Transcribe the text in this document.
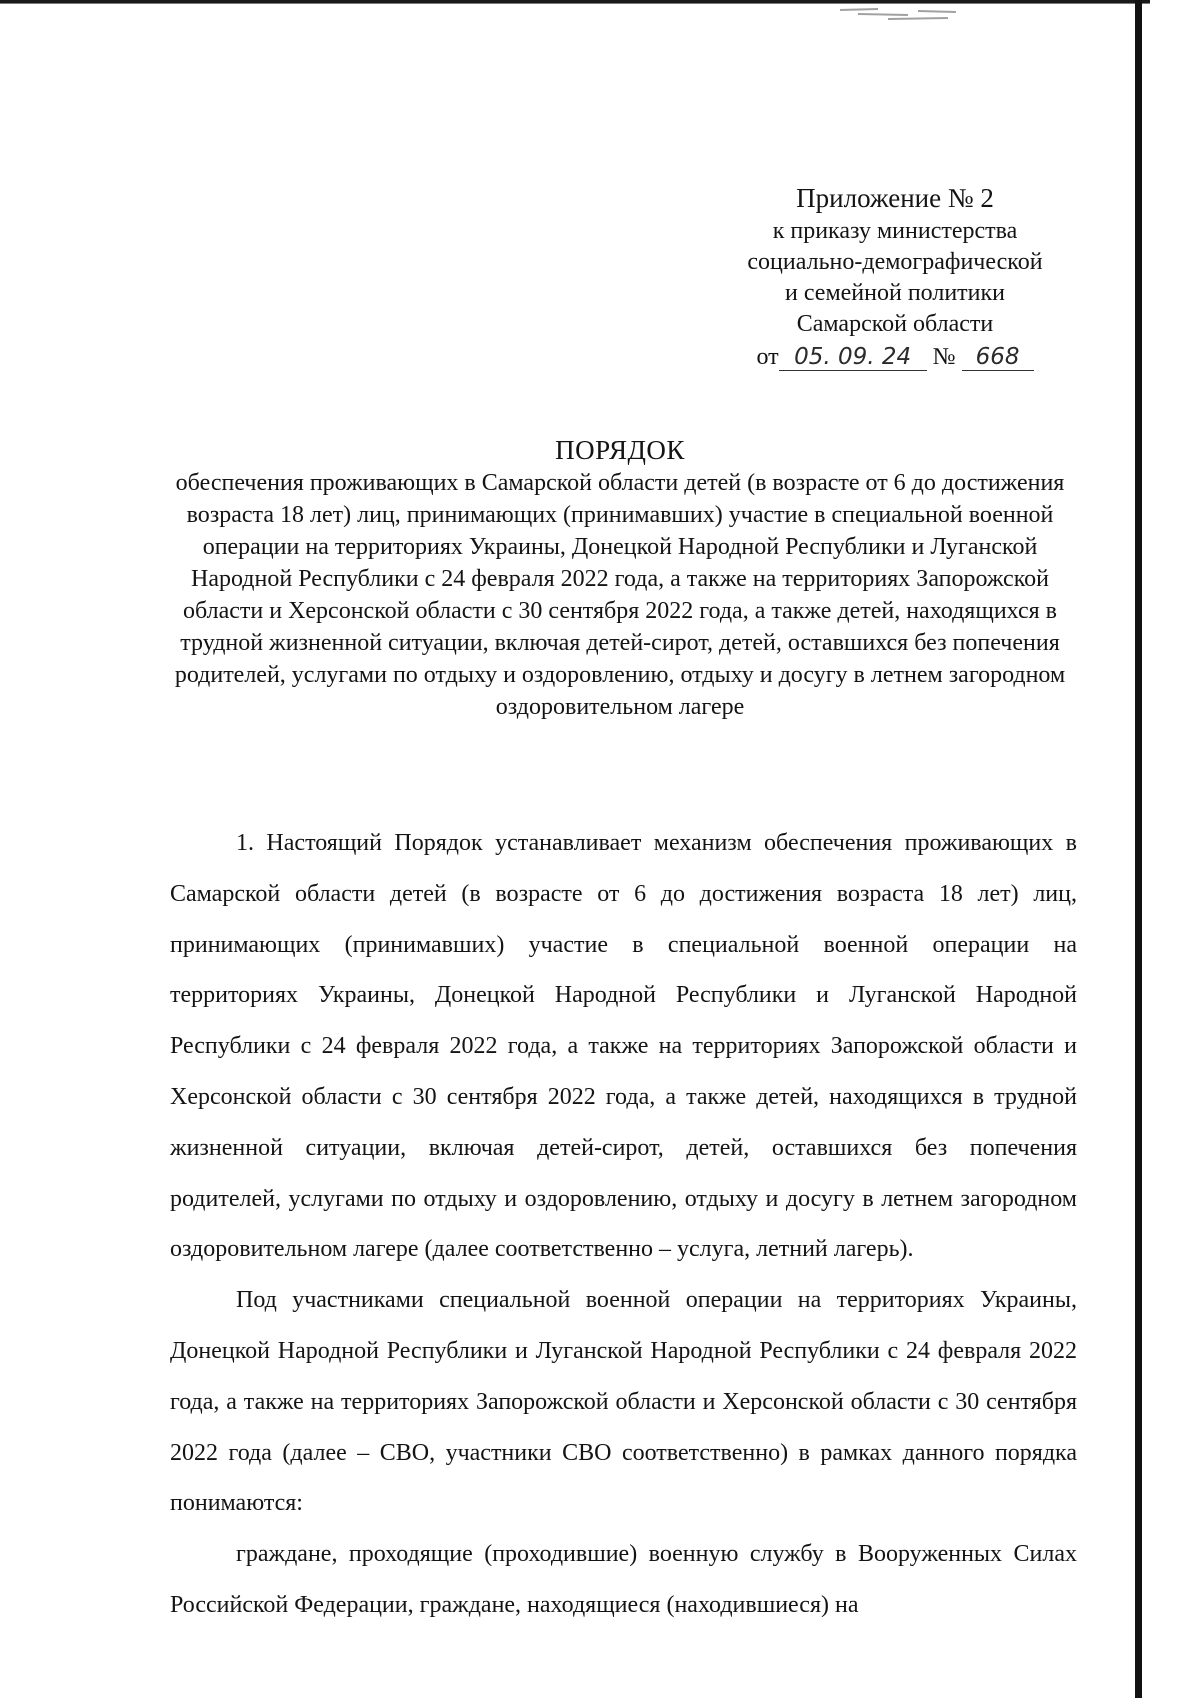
Приложение № 2
к приказу министерства
социально-демографической
и семейной политики
Самарской области
от 05. 09. 24 № 668
ПОРЯДОК
обеспечения проживающих в Самарской области детей (в возрасте от 6 до достижения возраста 18 лет) лиц, принимающих (принимавших) участие в специальной военной операции на территориях Украины, Донецкой Народной Республики и Луганской Народной Республики с 24 февраля 2022 года, а также на территориях Запорожской области и Херсонской области с 30 сентября 2022 года, а также детей, находящихся в трудной жизненной ситуации, включая детей-сирот, детей, оставшихся без попечения родителей, услугами по отдыху и оздоровлению, отдыху и досугу в летнем загородном оздоровительном лагере

1. Настоящий Порядок устанавливает механизм обеспечения проживающих в Самарской области детей (в возрасте от 6 до достижения возраста 18 лет) лиц, принимающих (принимавших) участие в специальной военной операции на территориях Украины, Донецкой Народной Республики и Луганской Народной Республики с 24 февраля 2022 года, а также на территориях Запорожской области и Херсонской области с 30 сентября 2022 года, а также детей, находящихся в трудной жизненной ситуации, включая детей-сирот, детей, оставшихся без попечения родителей, услугами по отдыху и оздоровлению, отдыху и досугу в летнем загородном оздоровительном лагере (далее соответственно – услуга, летний лагерь).

Под участниками специальной военной операции на территориях Украины, Донецкой Народной Республики и Луганской Народной Республики с 24 февраля 2022 года, а также на территориях Запорожской области и Херсонской области с 30 сентября 2022 года (далее – СВО, участники СВО соответственно) в рамках данного порядка понимаются:

граждане, проходящие (проходившие) военную службу в Вооруженных Силах Российской Федерации, граждане, находящиеся (находившиеся) на
